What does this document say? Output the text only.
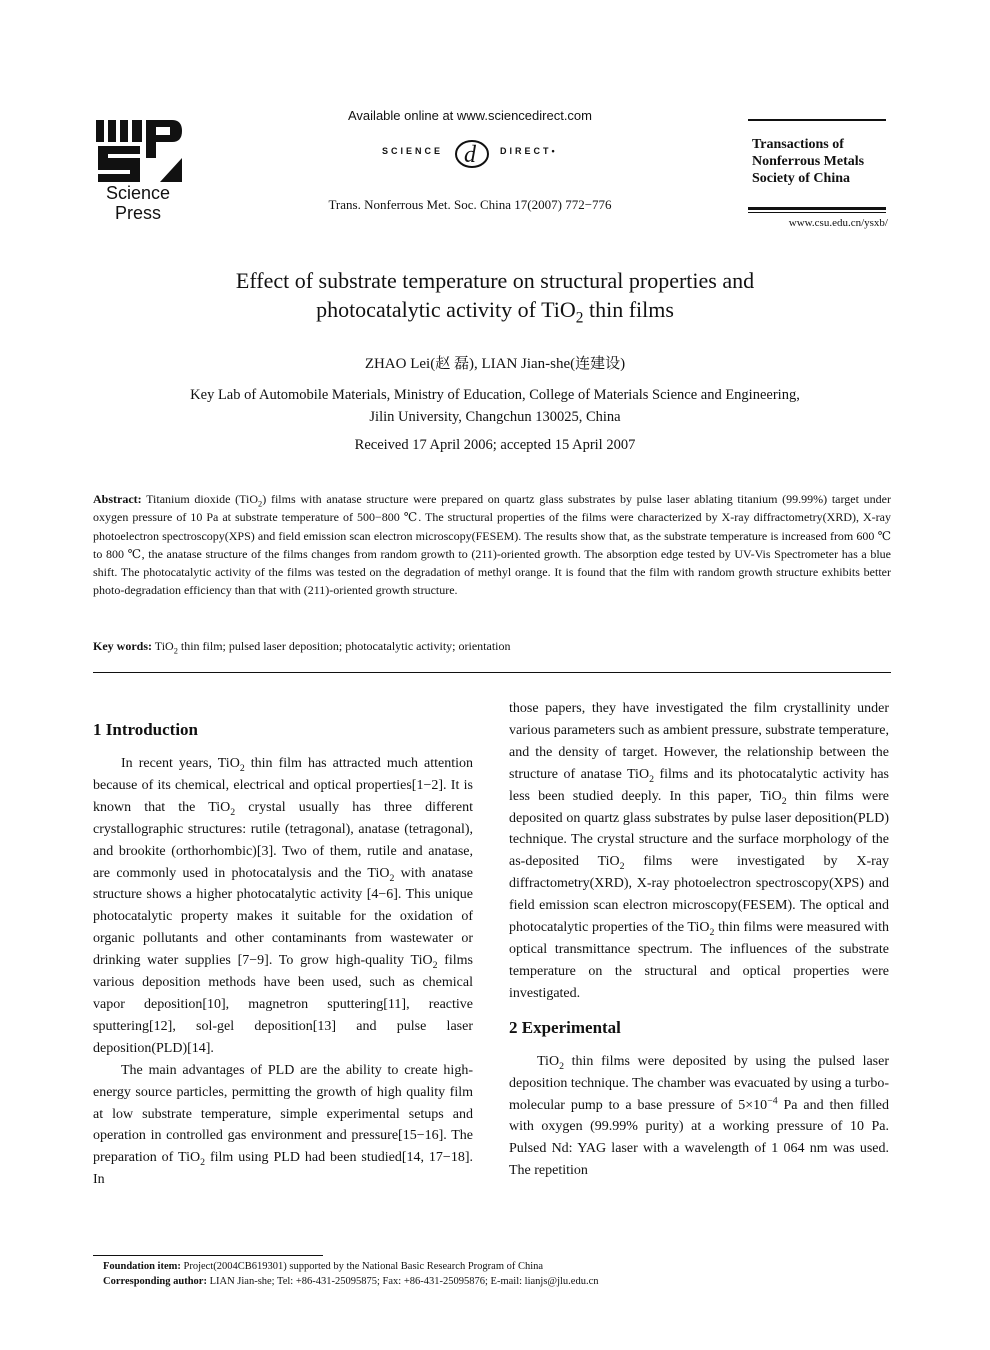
Science
Press
Available online at www.sciencedirect.com
SCIENCE d	DIRECT•
Trans. Nonferrous Met. Soc. China 17(2007) 772−776
Transactions of
Nonferrous Metals
Society of China
www.csu.edu.cn/ysxb/
Effect of substrate temperature on structural properties and
photocatalytic activity of TiO$_2$ thin films
ZHAO Lei(赵 磊), LIAN Jian-she(连建设)
Key Lab of Automobile Materials, Ministry of Education, College of Materials Science and Engineering,
Jilin University, Changchun 130025, China
Received 17 April 2006; accepted 15 April 2007
Abstract: Titanium dioxide (TiO$_2$) films with anatase structure were prepared on quartz glass substrates by pulse laser ablating titanium (99.99%) target under oxygen pressure of 10 Pa at substrate temperature of 500−800 ℃. The structural properties of the films were characterized by X-ray diffractometry(XRD), X-ray photoelectron spectroscopy(XPS) and field emission scan electron microscopy(FESEM). The results show that, as the substrate temperature is increased from 600 ℃ to 800 ℃, the anatase structure of the films changes from random growth to (211)-oriented growth. The absorption edge tested by UV-Vis Spectrometer has a blue shift. The photocatalytic activity of the films was tested on the degradation of methyl orange. It is found that the film with random growth structure exhibits better photo-degradation efficiency than that with (211)-oriented growth structure.
Key words: TiO$_2$ thin film; pulsed laser deposition; photocatalytic activity; orientation
1 Introduction

In recent years, TiO$_2$ thin film has attracted much attention because of its chemical, electrical and optical properties[1−2]. It is known that the TiO$_2$ crystal usually has three different crystallographic structures: rutile (tetragonal), anatase (tetragonal), and brookite (orthorhombic)[3]. Two of them, rutile and anatase, are commonly used in photocatalysis and the TiO$_2$ with anatase structure shows a higher photocatalytic activity [4−6]. This unique photocatalytic property makes it suitable for the oxidation of organic pollutants and other contaminants from wastewater or drinking water supplies [7−9]. To grow high-quality TiO$_2$ films various deposition methods have been used, such as chemical vapor deposition[10], magnetron sputtering[11], reactive sputtering[12], sol-gel deposition[13] and pulse laser deposition(PLD)[14].

The main advantages of PLD are the ability to create high-energy source particles, permitting the growth of high quality film at low substrate temperature, simple experimental setups and operation in controlled gas environment and pressure[15−16]. The preparation of TiO$_2$ film using PLD had been studied[14, 17−18]. In

those papers, they have investigated the film crystallinity under various parameters such as ambient pressure, substrate temperature, and the density of target. However, the relationship between the structure of anatase TiO$_2$ films and its photocatalytic activity has less been studied deeply. In this paper, TiO$_2$ thin films were deposited on quartz glass substrates by pulse laser deposition(PLD) technique. The crystal structure and the surface morphology of the as-deposited TiO$_2$ films were investigated by X-ray diffractometry(XRD), X-ray photoelectron spectroscopy(XPS) and field emission scan electron microscopy(FESEM). The optical and photocatalytic properties of the TiO$_2$ thin films were measured with optical transmittance spectrum. The influences of the substrate temperature on the structural and optical properties were investigated.

2 Experimental

TiO$_2$ thin films were deposited by using the pulsed laser deposition technique. The chamber was evacuated by using a turbo-molecular pump to a base pressure of $5\times 10^{-4}$ Pa and then filled with oxygen (99.99% purity) at a working pressure of 10 Pa. Pulsed Nd: YAG laser with a wavelength of 1 064 nm was used. The repetition

Foundation item: Project(2004CB619301) supported by the National Basic Research Program of China
Corresponding author: LIAN Jian-she; Tel: +86-431-25095875; Fax: +86-431-25095876; E-mail: lianjs@jlu.edu.cn
